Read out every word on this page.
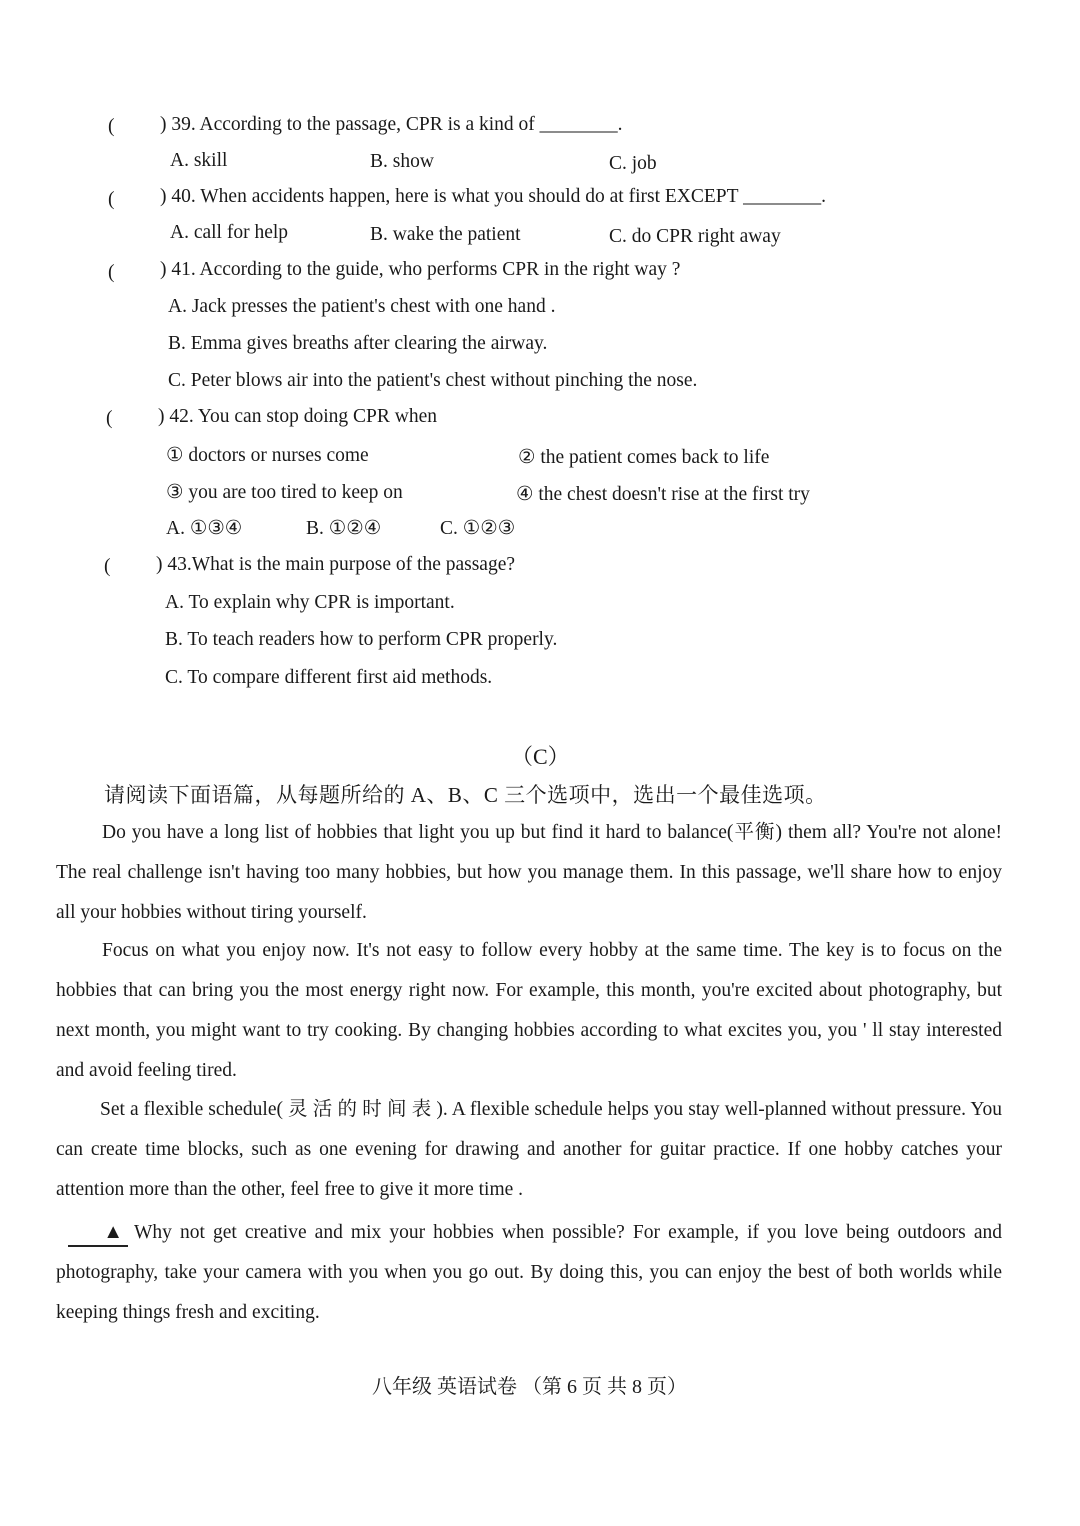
( ) 39. According to the passage, CPR is a kind of ________.
A. skill	B. show	C. job
( ) 40. When accidents happen, here is what you should do at first EXCEPT ________.
A. call for help	B. wake the patient	C. do CPR right away
( ) 41. According to the guide, who performs CPR in the right way ?
A. Jack presses the patient's chest with one hand .
B. Emma gives breaths after clearing the airway.
C. Peter blows air into the patient's chest without pinching the nose.
( ) 42. You can stop doing CPR when
① doctors or nurses come	② the patient comes back to life
③ you are too tired to keep on	④ the chest doesn't rise at the first try
A. ①③④	B. ①②④	C. ①②③
( ) 43.What is the main purpose of the passage?
A. To explain why CPR is important.
B. To teach readers how to perform CPR properly.
C. To compare different first aid methods.
（C）
请阅读下面语篇，从每题所给的 A、B、C 三个选项中，选出一个最佳选项。

Do you have a long list of hobbies that light you up but find it hard to balance(平衡) them all? You're not alone! The real challenge isn't having too many hobbies, but how you manage them. In this passage, we'll share how to enjoy all your hobbies without tiring yourself.

Focus on what you enjoy now. It's not easy to follow every hobby at the same time. The key is to focus on the hobbies that can bring you the most energy right now. For example, this month, you're excited about photography, but next month, you might want to try cooking. By changing hobbies according to what excites you, you ' ll stay interested and avoid feeling tired.

Set a flexible schedule( 灵 活 的 时 间 表 ). A flexible schedule helps you stay well-planned without pressure. You can create time blocks, such as one evening for drawing and another for guitar practice. If one hobby catches your attention more than the other, feel free to give it more time .

▲ Why not get creative and mix your hobbies when possible? For example, if you love being outdoors and photography, take your camera with you when you go out. By doing this, you can enjoy the best of both worlds while keeping things fresh and exciting.

八年级 英语试卷 （第 6 页 共 8 页）
